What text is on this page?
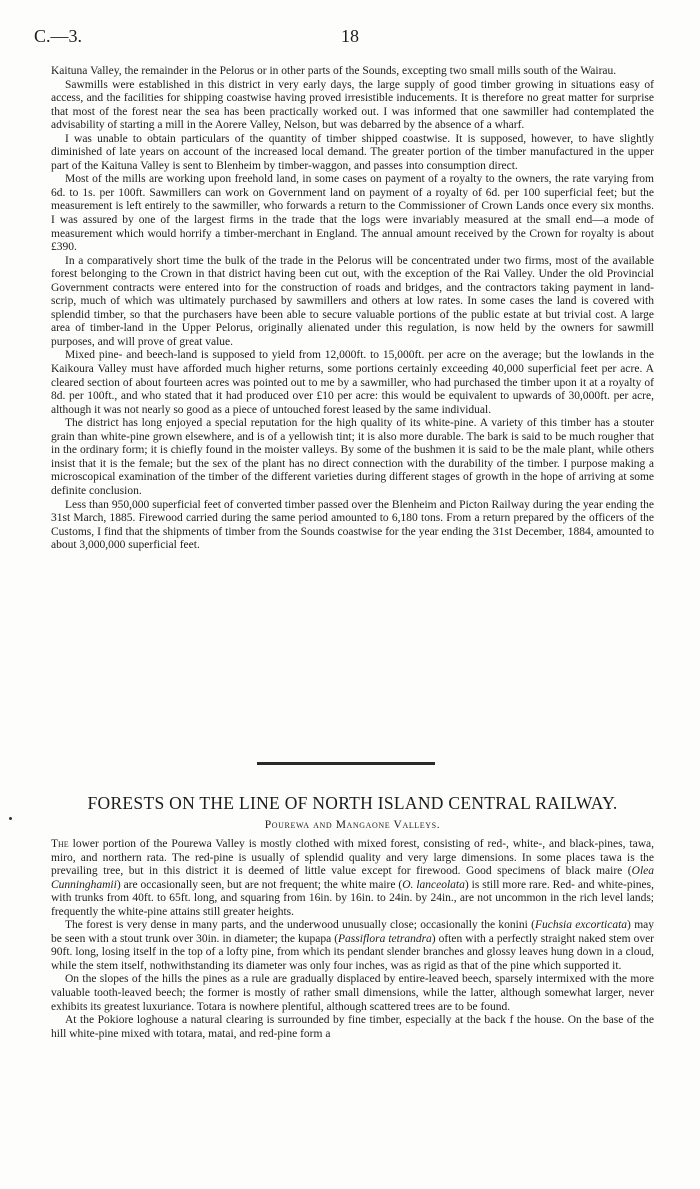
C.—3.	18

Kaituna Valley, the remainder in the Pelorus or in other parts of the Sounds, excepting two small mills south of the Wairau.

Sawmills were established in this district in very early days, the large supply of good timber growing in situations easy of access, and the facilities for shipping coastwise having proved irresistible inducements. It is therefore no great matter for surprise that most of the forest near the sea has been practically worked out. I was informed that one sawmiller had contemplated the advisability of starting a mill in the Aorere Valley, Nelson, but was debarred by the absence of a wharf.

I was unable to obtain particulars of the quantity of timber shipped coastwise. It is supposed, however, to have slightly diminished of late years on account of the increased local demand. The greater portion of the timber manufactured in the upper part of the Kaituna Valley is sent to Blenheim by timber-waggon, and passes into consumption direct.

Most of the mills are working upon freehold land, in some cases on payment of a royalty to the owners, the rate varying from 6d. to 1s. per 100ft. Sawmillers can work on Government land on payment of a royalty of 6d. per 100 superficial feet; but the measurement is left entirely to the sawmiller, who forwards a return to the Commissioner of Crown Lands once every six months. I was assured by one of the largest firms in the trade that the logs were invariably measured at the small end—a mode of measurement which would horrify a timber-merchant in England. The annual amount received by the Crown for royalty is about £390.

In a comparatively short time the bulk of the trade in the Pelorus will be concentrated under two firms, most of the available forest belonging to the Crown in that district having been cut out, with the exception of the Rai Valley. Under the old Provincial Government contracts were entered into for the construction of roads and bridges, and the contractors taking payment in land-scrip, much of which was ultimately purchased by sawmillers and others at low rates. In some cases the land is covered with splendid timber, so that the purchasers have been able to secure valuable portions of the public estate at but trivial cost. A large area of timber-land in the Upper Pelorus, originally alienated under this regulation, is now held by the owners for sawmill purposes, and will prove of great value.

Mixed pine- and beech-land is supposed to yield from 12,000ft. to 15,000ft. per acre on the average; but the lowlands in the Kaikoura Valley must have afforded much higher returns, some portions certainly exceeding 40,000 superficial feet per acre. A cleared section of about fourteen acres was pointed out to me by a sawmiller, who had purchased the timber upon it at a royalty of 8d. per 100ft., and who stated that it had produced over £10 per acre: this would be equivalent to upwards of 30,000ft. per acre, although it was not nearly so good as a piece of untouched forest leased by the same individual.

The district has long enjoyed a special reputation for the high quality of its white-pine. A variety of this timber has a stouter grain than white-pine grown elsewhere, and is of a yellowish tint; it is also more durable. The bark is said to be much rougher that in the ordinary form; it is chiefly found in the moister valleys. By some of the bushmen it is said to be the male plant, while others insist that it is the female; but the sex of the plant has no direct connection with the durability of the timber. I purpose making a microscopical examination of the timber of the different varieties during different stages of growth in the hope of arriving at some definite conclusion.

Less than 950,000 superficial feet of converted timber passed over the Blenheim and Picton Railway during the year ending the 31st March, 1885. Firewood carried during the same period amounted to 6,180 tons. From a return prepared by the officers of the Customs, I find that the shipments of timber from the Sounds coastwise for the year ending the 31st December, 1884, amounted to about 3,000,000 superficial feet.

FORESTS ON THE LINE OF NORTH ISLAND CENTRAL RAILWAY.
Pourewa and Mangaone Valleys.

The lower portion of the Pourewa Valley is mostly clothed with mixed forest, consisting of red-, white-, and black-pines, tawa, miro, and northern rata. The red-pine is usually of splendid quality and very large dimensions. In some places tawa is the prevailing tree, but in this district it is deemed of little value except for firewood. Good specimens of black maire (Olea Cunninghamii) are occasionally seen, but are not frequent; the white maire (O. lanceolata) is still more rare. Red- and white-pines, with trunks from 40ft. to 65ft. long, and squaring from 16in. by 16in. to 24in. by 24in., are not uncommon in the rich level lands; frequently the white-pine attains still greater heights.

The forest is very dense in many parts, and the underwood unusually close; occasionally the konini (Fuchsia excorticata) may be seen with a stout trunk over 30in. in diameter; the kupapa (Passiflora tetrandra) often with a perfectly straight naked stem over 90ft. long, losing itself in the top of a lofty pine, from which its pendant slender branches and glossy leaves hung down in a cloud, while the stem itself, nothwithstanding its diameter was only four inches, was as rigid as that of the pine which supported it.

On the slopes of the hills the pines as a rule are gradually displaced by entire-leaved beech, sparsely intermixed with the more valuable tooth-leaved beech; the former is mostly of rather small dimensions, while the latter, although somewhat larger, never exhibits its greatest luxuriance. Totara is nowhere plentiful, although scattered trees are to be found.

At the Pokiore loghouse a natural clearing is surrounded by fine timber, especially at the back f the house. On the base of the hill white-pine mixed with totara, matai, and red-pine form a
